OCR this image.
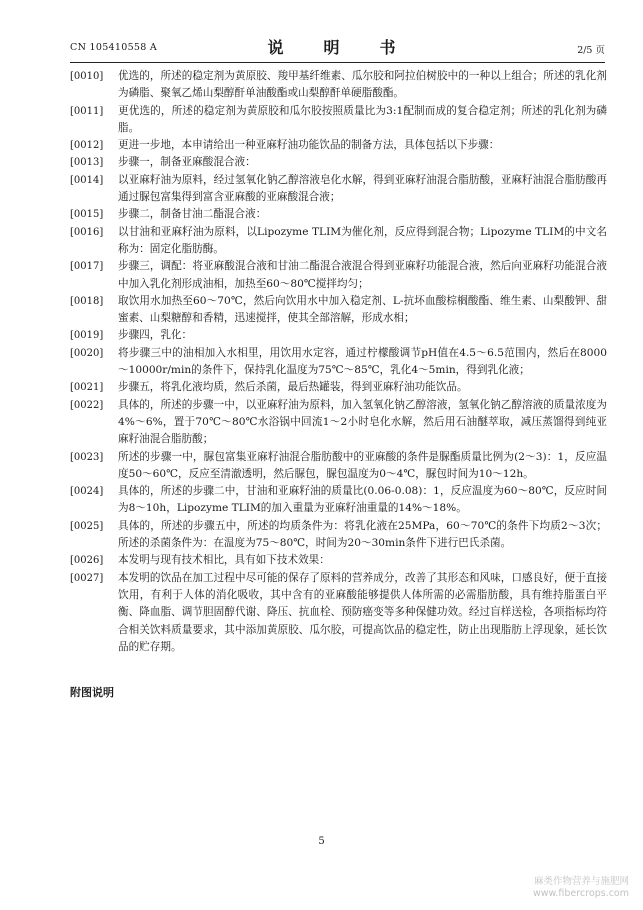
CN 105410558 A	说　明　书	2/5 页
[0010]	优选的，所述的稳定剂为黄原胶、羧甲基纤维素、瓜尔胶和阿拉伯树胶中的一种以上组合；所述的乳化剂为磷脂、聚氧乙烯山梨醇酐单油酸酯或山梨醇酐单硬脂酸酯。
[0011]	更优选的，所述的稳定剂为黄原胶和瓜尔胶按照质量比为3:1配制而成的复合稳定剂；所述的乳化剂为磷脂。
[0012]	更进一步地，本申请给出一种亚麻籽油功能饮品的制备方法，具体包括以下步骤：
[0013]	步骤一，制备亚麻酸混合液：
[0014]	以亚麻籽油为原料，经过氢氧化钠乙醇溶液皂化水解，得到亚麻籽油混合脂肪酸，亚麻籽油混合脂肪酸再通过脲包富集得到富含亚麻酸的亚麻酸混合液；
[0015]	步骤二，制备甘油二酯混合液：
[0016]	以甘油和亚麻籽油为原料，以Lipozyme TLIM为催化剂，反应得到混合物；Lipozyme TLIM的中文名称为：固定化脂肪酶。
[0017]	步骤三，调配：将亚麻酸混合液和甘油二酯混合液混合得到亚麻籽功能混合液，然后向亚麻籽功能混合液中加入乳化剂形成油相，加热至60～80℃搅拌均匀；
[0018]	取饮用水加热至60～70℃，然后向饮用水中加入稳定剂、L-抗坏血酸棕榈酸酯、维生素、山梨酸钾、甜蜜素、山梨糖醇和香精，迅速搅拌，使其全部溶解，形成水相；
[0019]	步骤四，乳化：
[0020]	将步骤三中的油相加入水相里，用饮用水定容，通过柠檬酸调节pH值在4.5～6.5范围内，然后在8000～10000r/min的条件下，保持乳化温度为75℃～85℃，乳化4～5min，得到乳化液；
[0021]	步骤五，将乳化液均质，然后杀菌，最后热罐装，得到亚麻籽油功能饮品。
[0022]	具体的，所述的步骤一中，以亚麻籽油为原料，加入氢氧化钠乙醇溶液，氢氧化钠乙醇溶液的质量浓度为4%～6%，置于70℃～80℃水浴锅中回流1～2小时皂化水解，然后用石油醚萃取，减压蒸馏得到纯亚麻籽油混合脂肪酸；
[0023]	所述的步骤一中，脲包富集亚麻籽油混合脂肪酸中的亚麻酸的条件是脲酯质量比例为(2～3)：1，反应温度50～60℃，反应至清澈透明，然后脲包，脲包温度为0～4℃，脲包时间为10～12h。
[0024]	具体的，所述的步骤二中，甘油和亚麻籽油的质量比(0.06-0.08)：1，反应温度为60～80℃，反应时间为8～10h，Lipozyme TLIM的加入重量为亚麻籽油重量的14%～18%。
[0025]	具体的，所述的步骤五中，所述的均质条件为：将乳化液在25MPa，60～70℃的条件下均质2～3次；所述的杀菌条件为：在温度为75～80℃，时间为20～30min条件下进行巴氏杀菌。
[0026]	本发明与现有技术相比，具有如下技术效果：
[0027]	本发明的饮品在加工过程中尽可能的保存了原料的营养成分，改善了其形态和风味，口感良好，便于直接饮用，有利于人体的消化吸收，其中含有的亚麻酸能够提供人体所需的必需脂肪酸，具有维持脂蛋白平衡、降血脂、调节胆固醇代谢、降压、抗血栓、预防癌变等多种保健功效。经过盲样送检，各项指标均符合相关饮料质量要求，其中添加黄原胶、瓜尔胶，可提高饮品的稳定性，防止出现脂肪上浮现象，延长饮品的贮存期。
附图说明
5
麻类作物营养与施肥网
www.fibercrops.com
